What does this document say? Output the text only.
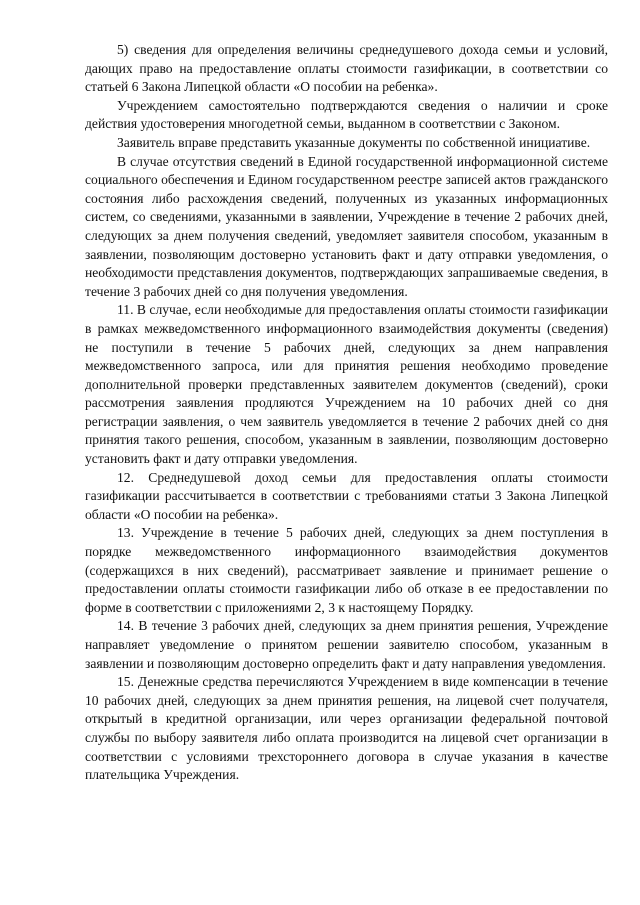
5) сведения для определения величины среднедушевого дохода семьи и условий, дающих право на предоставление оплаты стоимости газификации, в соответствии со статьей 6 Закона Липецкой области «О пособии на ребенка».

Учреждением самостоятельно подтверждаются сведения о наличии и сроке действия удостоверения многодетной семьи, выданном в соответствии с Законом.

Заявитель вправе представить указанные документы по собственной инициативе.

В случае отсутствия сведений в Единой государственной информационной системе социального обеспечения и Едином государственном реестре записей актов гражданского состояния либо расхождения сведений, полученных из указанных информационных систем, со сведениями, указанными в заявлении, Учреждение в течение 2 рабочих дней, следующих за днем получения сведений, уведомляет заявителя способом, указанным в заявлении, позволяющим достоверно установить факт и дату отправки уведомления, о необходимости представления документов, подтверждающих запрашиваемые сведения, в течение 3 рабочих дней со дня получения уведомления.

11. В случае, если необходимые для предоставления оплаты стоимости газификации в рамках межведомственного информационного взаимодействия документы (сведения) не поступили в течение 5 рабочих дней, следующих за днем направления межведомственного запроса, или для принятия решения необходимо проведение дополнительной проверки представленных заявителем документов (сведений), сроки рассмотрения заявления продляются Учреждением на 10 рабочих дней со дня регистрации заявления, о чем заявитель уведомляется в течение 2 рабочих дней со дня принятия такого решения, способом, указанным в заявлении, позволяющим достоверно установить факт и дату отправки уведомления.

12. Среднедушевой доход семьи для предоставления оплаты стоимости газификации рассчитывается в соответствии с требованиями статьи 3 Закона Липецкой области «О пособии на ребенка».

13. Учреждение в течение 5 рабочих дней, следующих за днем поступления в порядке межведомственного информационного взаимодействия документов (содержащихся в них сведений), рассматривает заявление и принимает решение о предоставлении оплаты стоимости газификации либо об отказе в ее предоставлении по форме в соответствии с приложениями 2, 3 к настоящему Порядку.

14. В течение 3 рабочих дней, следующих за днем принятия решения, Учреждение направляет уведомление о принятом решении заявителю способом, указанным в заявлении и позволяющим достоверно определить факт и дату направления уведомления.

15. Денежные средства перечисляются Учреждением в виде компенсации в течение 10 рабочих дней, следующих за днем принятия решения, на лицевой счет получателя, открытый в кредитной организации, или через организации федеральной почтовой службы по выбору заявителя либо оплата производится на лицевой счет организации в соответствии с условиями трехстороннего договора в случае указания в качестве плательщика Учреждения.
